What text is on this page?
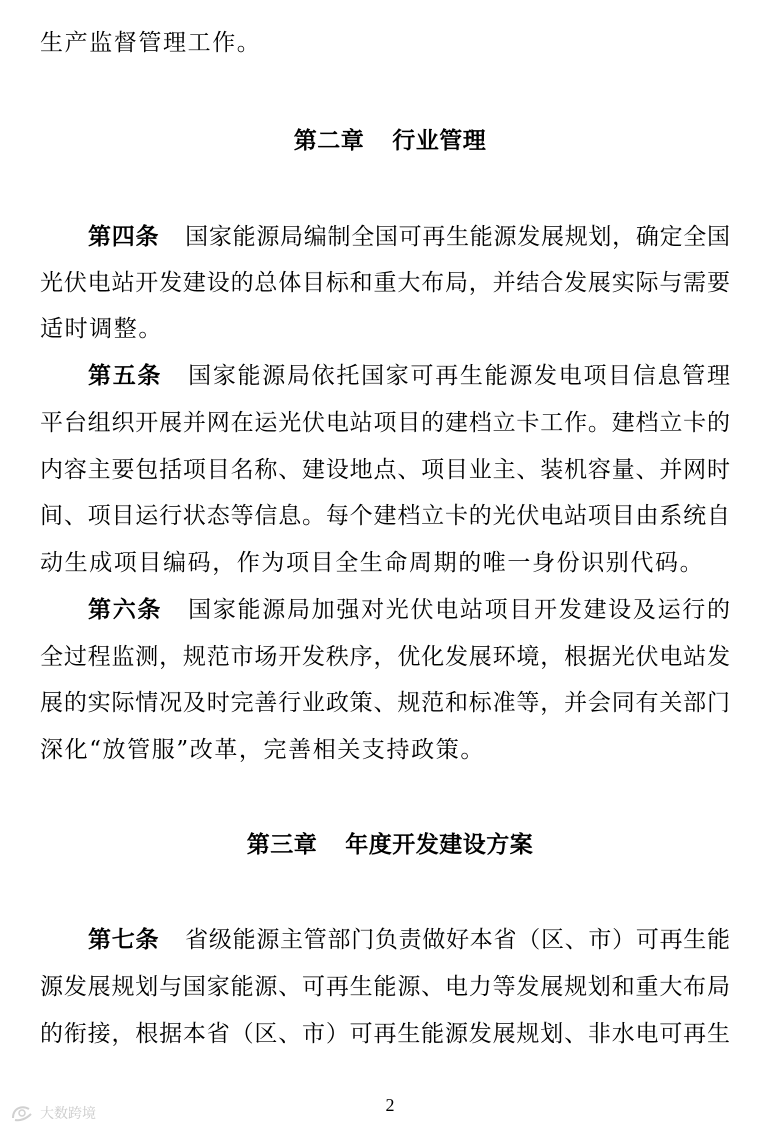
生产监督管理工作。
第二章 行业管理
第四条 国家能源局编制全国可再生能源发展规划，确定全国
光伏电站开发建设的总体目标和重大布局，并结合发展实际与需要
适时调整。
第五条 国家能源局依托国家可再生能源发电项目信息管理
平台组织开展并网在运光伏电站项目的建档立卡工作。建档立卡的
内容主要包括项目名称、建设地点、项目业主、装机容量、并网时
间、项目运行状态等信息。每个建档立卡的光伏电站项目由系统自
动生成项目编码，作为项目全生命周期的唯一身份识别代码。
第六条 国家能源局加强对光伏电站项目开发建设及运行的
全过程监测，规范市场开发秩序，优化发展环境，根据光伏电站发
展的实际情况及时完善行业政策、规范和标准等，并会同有关部门
深化“放管服”改革，完善相关支持政策。
第三章 年度开发建设方案
第七条 省级能源主管部门负责做好本省（区、市）可再生能
源发展规划与国家能源、可再生能源、电力等发展规划和重大布局
的衔接，根据本省（区、市）可再生能源发展规划、非水电可再生
2
大数跨境
